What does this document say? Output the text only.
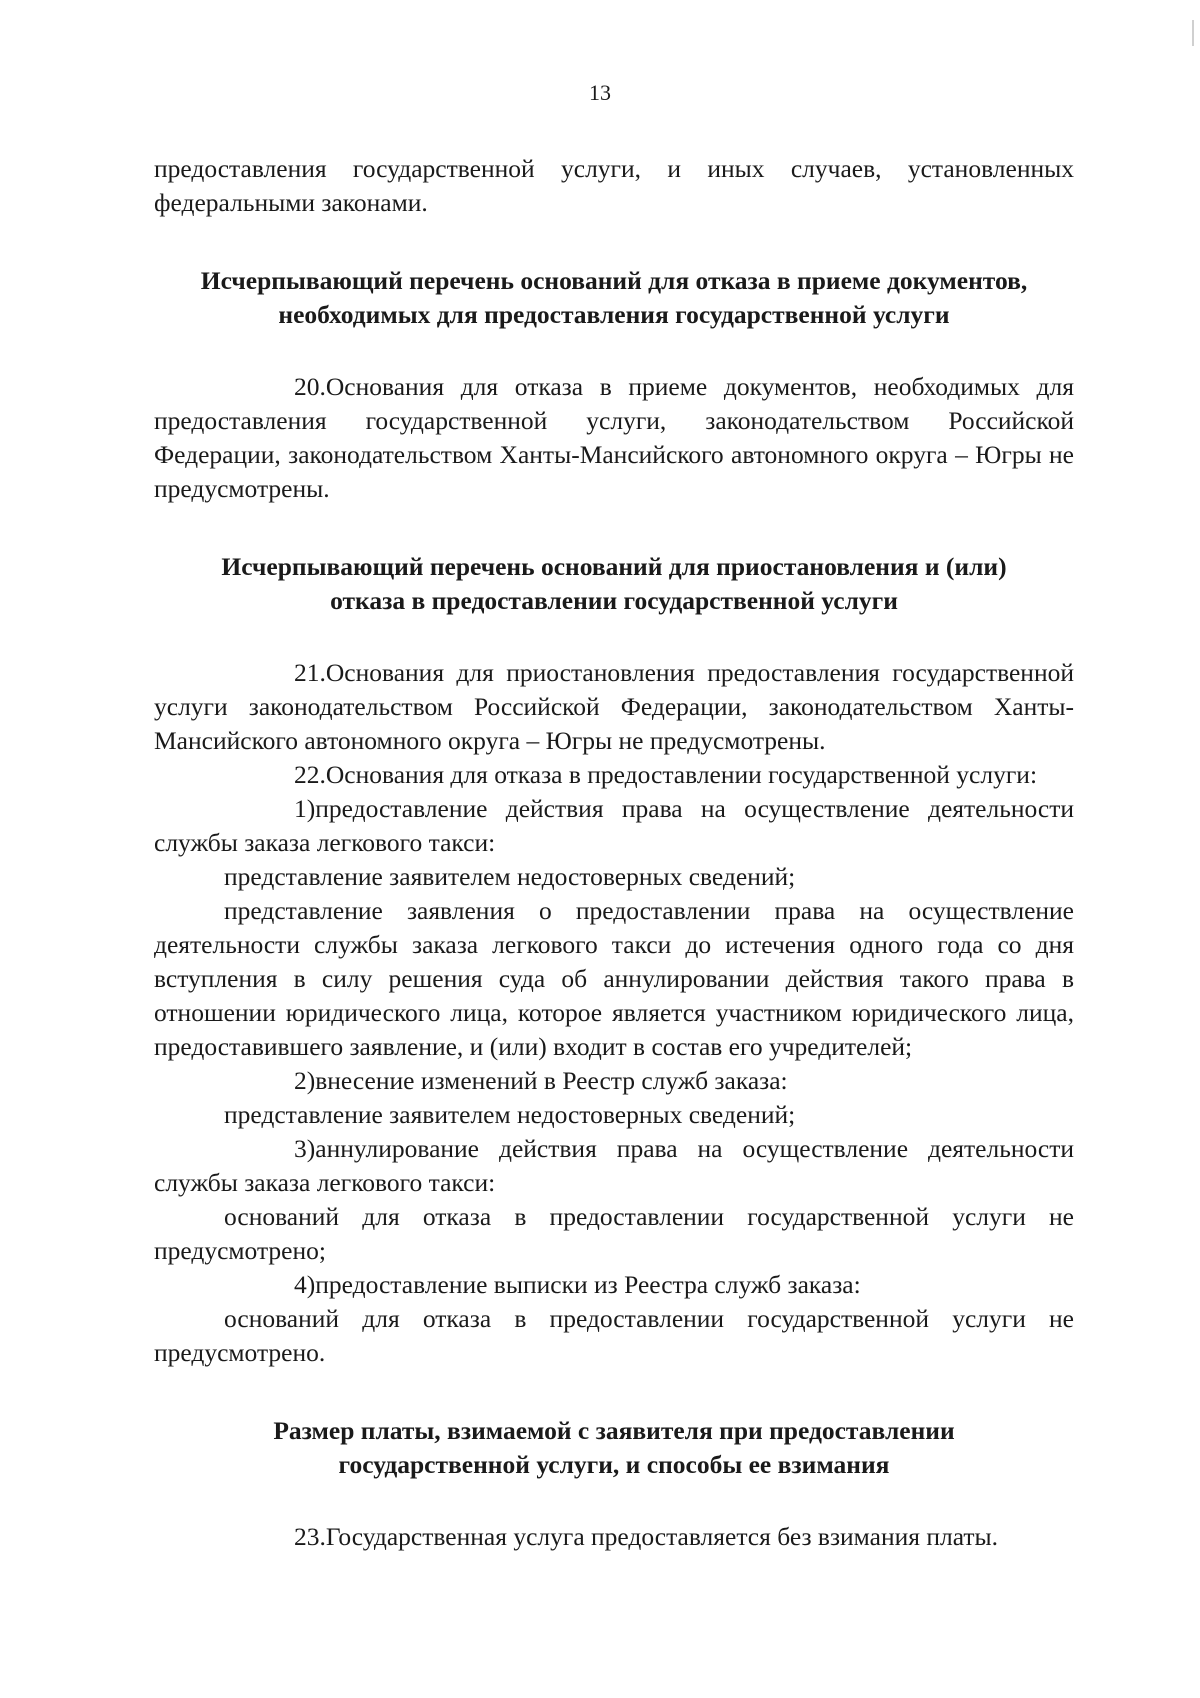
13

предоставления государственной услуги, и иных случаев, установленных федеральными законами.

Исчерпывающий перечень оснований для отказа в приеме документов, необходимых для предоставления государственной услуги

20.Основания для отказа в приеме документов, необходимых для предоставления государственной услуги, законодательством Российской Федерации, законодательством Ханты-Мансийского автономного округа – Югры не предусмотрены.

Исчерпывающий перечень оснований для приостановления и (или) отказа в предоставлении государственной услуги

21.Основания для приостановления предоставления государственной услуги законодательством Российской Федерации, законодательством Ханты-Мансийского автономного округа – Югры не предусмотрены.

22.Основания для отказа в предоставлении государственной услуги:

1)предоставление действия права на осуществление деятельности службы заказа легкового такси:

представление заявителем недостоверных сведений;

представление заявления о предоставлении права на осуществление деятельности службы заказа легкового такси до истечения одного года со дня вступления в силу решения суда об аннулировании действия такого права в отношении юридического лица, которое является участником юридического лица, предоставившего заявление, и (или) входит в состав его учредителей;

2)внесение изменений в Реестр служб заказа:

представление заявителем недостоверных сведений;

3)аннулирование действия права на осуществление деятельности службы заказа легкового такси:

оснований для отказа в предоставлении государственной услуги не предусмотрено;

4)предоставление выписки из Реестра служб заказа:

оснований для отказа в предоставлении государственной услуги не предусмотрено.

Размер платы, взимаемой с заявителя при предоставлении государственной услуги, и способы ее взимания

23.Государственная услуга предоставляется без взимания платы.
